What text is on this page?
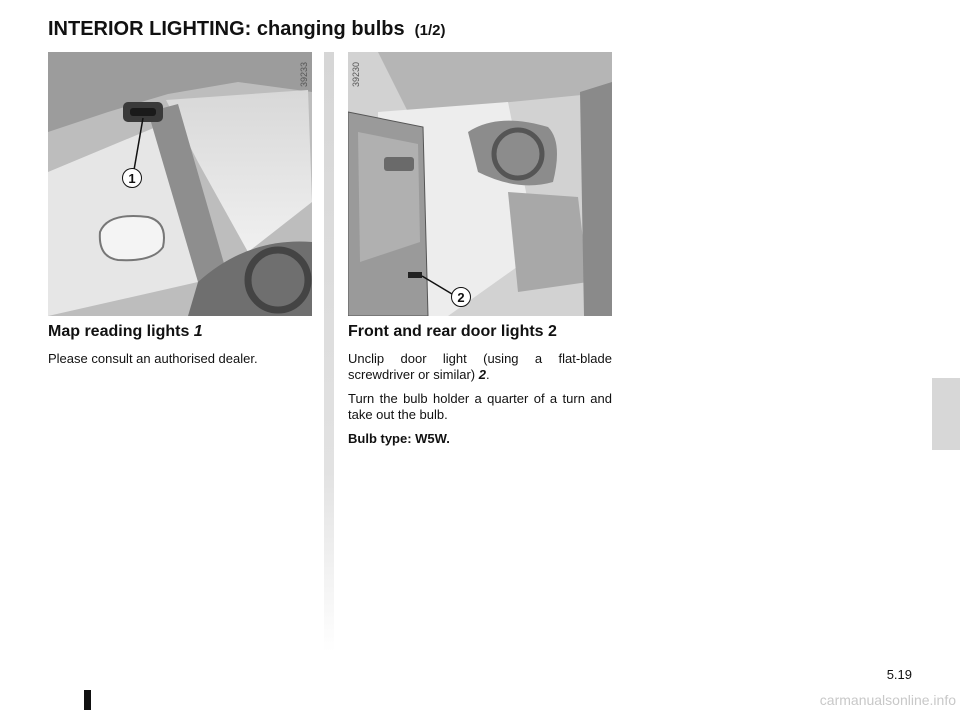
INTERIOR LIGHTING: changing bulbs (1/2)
1
39233
2
39230
Map reading lights 1

Please consult an authorised dealer.

Front and rear door lights 2

Unclip door light (using a flat-blade screwdriver or similar) 2.

Turn the bulb holder a quarter of a turn and take out the bulb.

Bulb type: W5W.

5.19
carmanualsonline.info
